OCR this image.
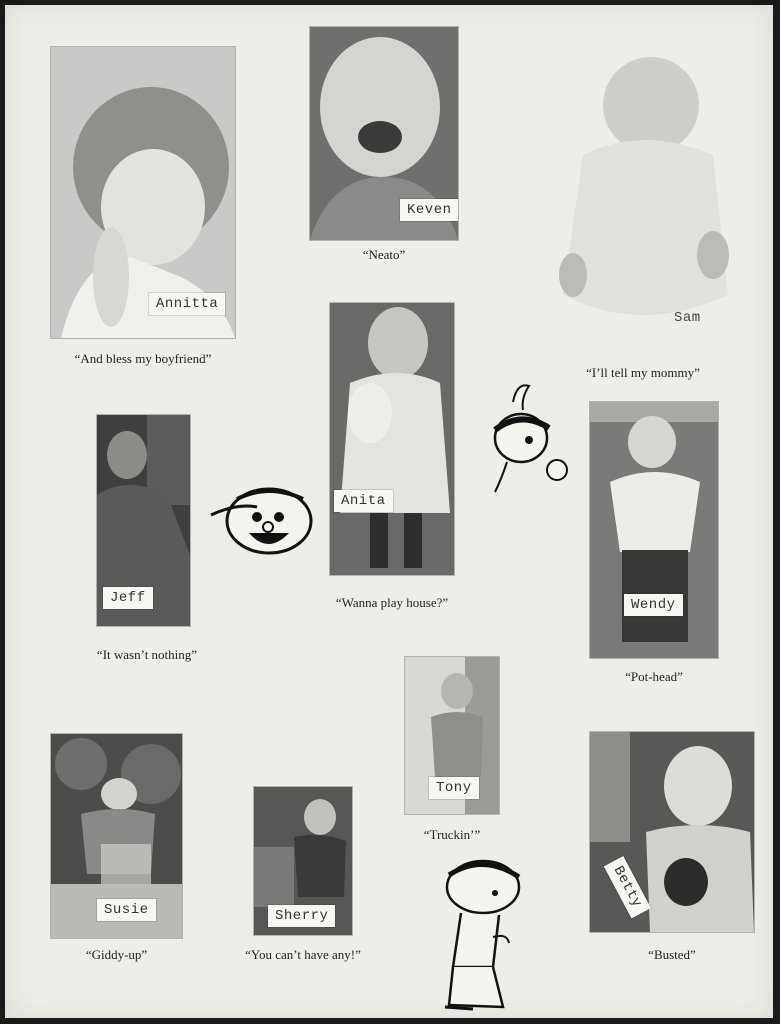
Annitta
“And bless my boyfriend”
Keven
“Neato”
Sam
“I’ll tell my mommy”
Jeff
“It wasn’t nothing”
Anita
“Wanna play house?”	Wendy
“Pot-head”
Tony
“Truckin’”
Susie
“Giddy-up”
Sherry
“You can’t have any!”
Betty
“Busted”
